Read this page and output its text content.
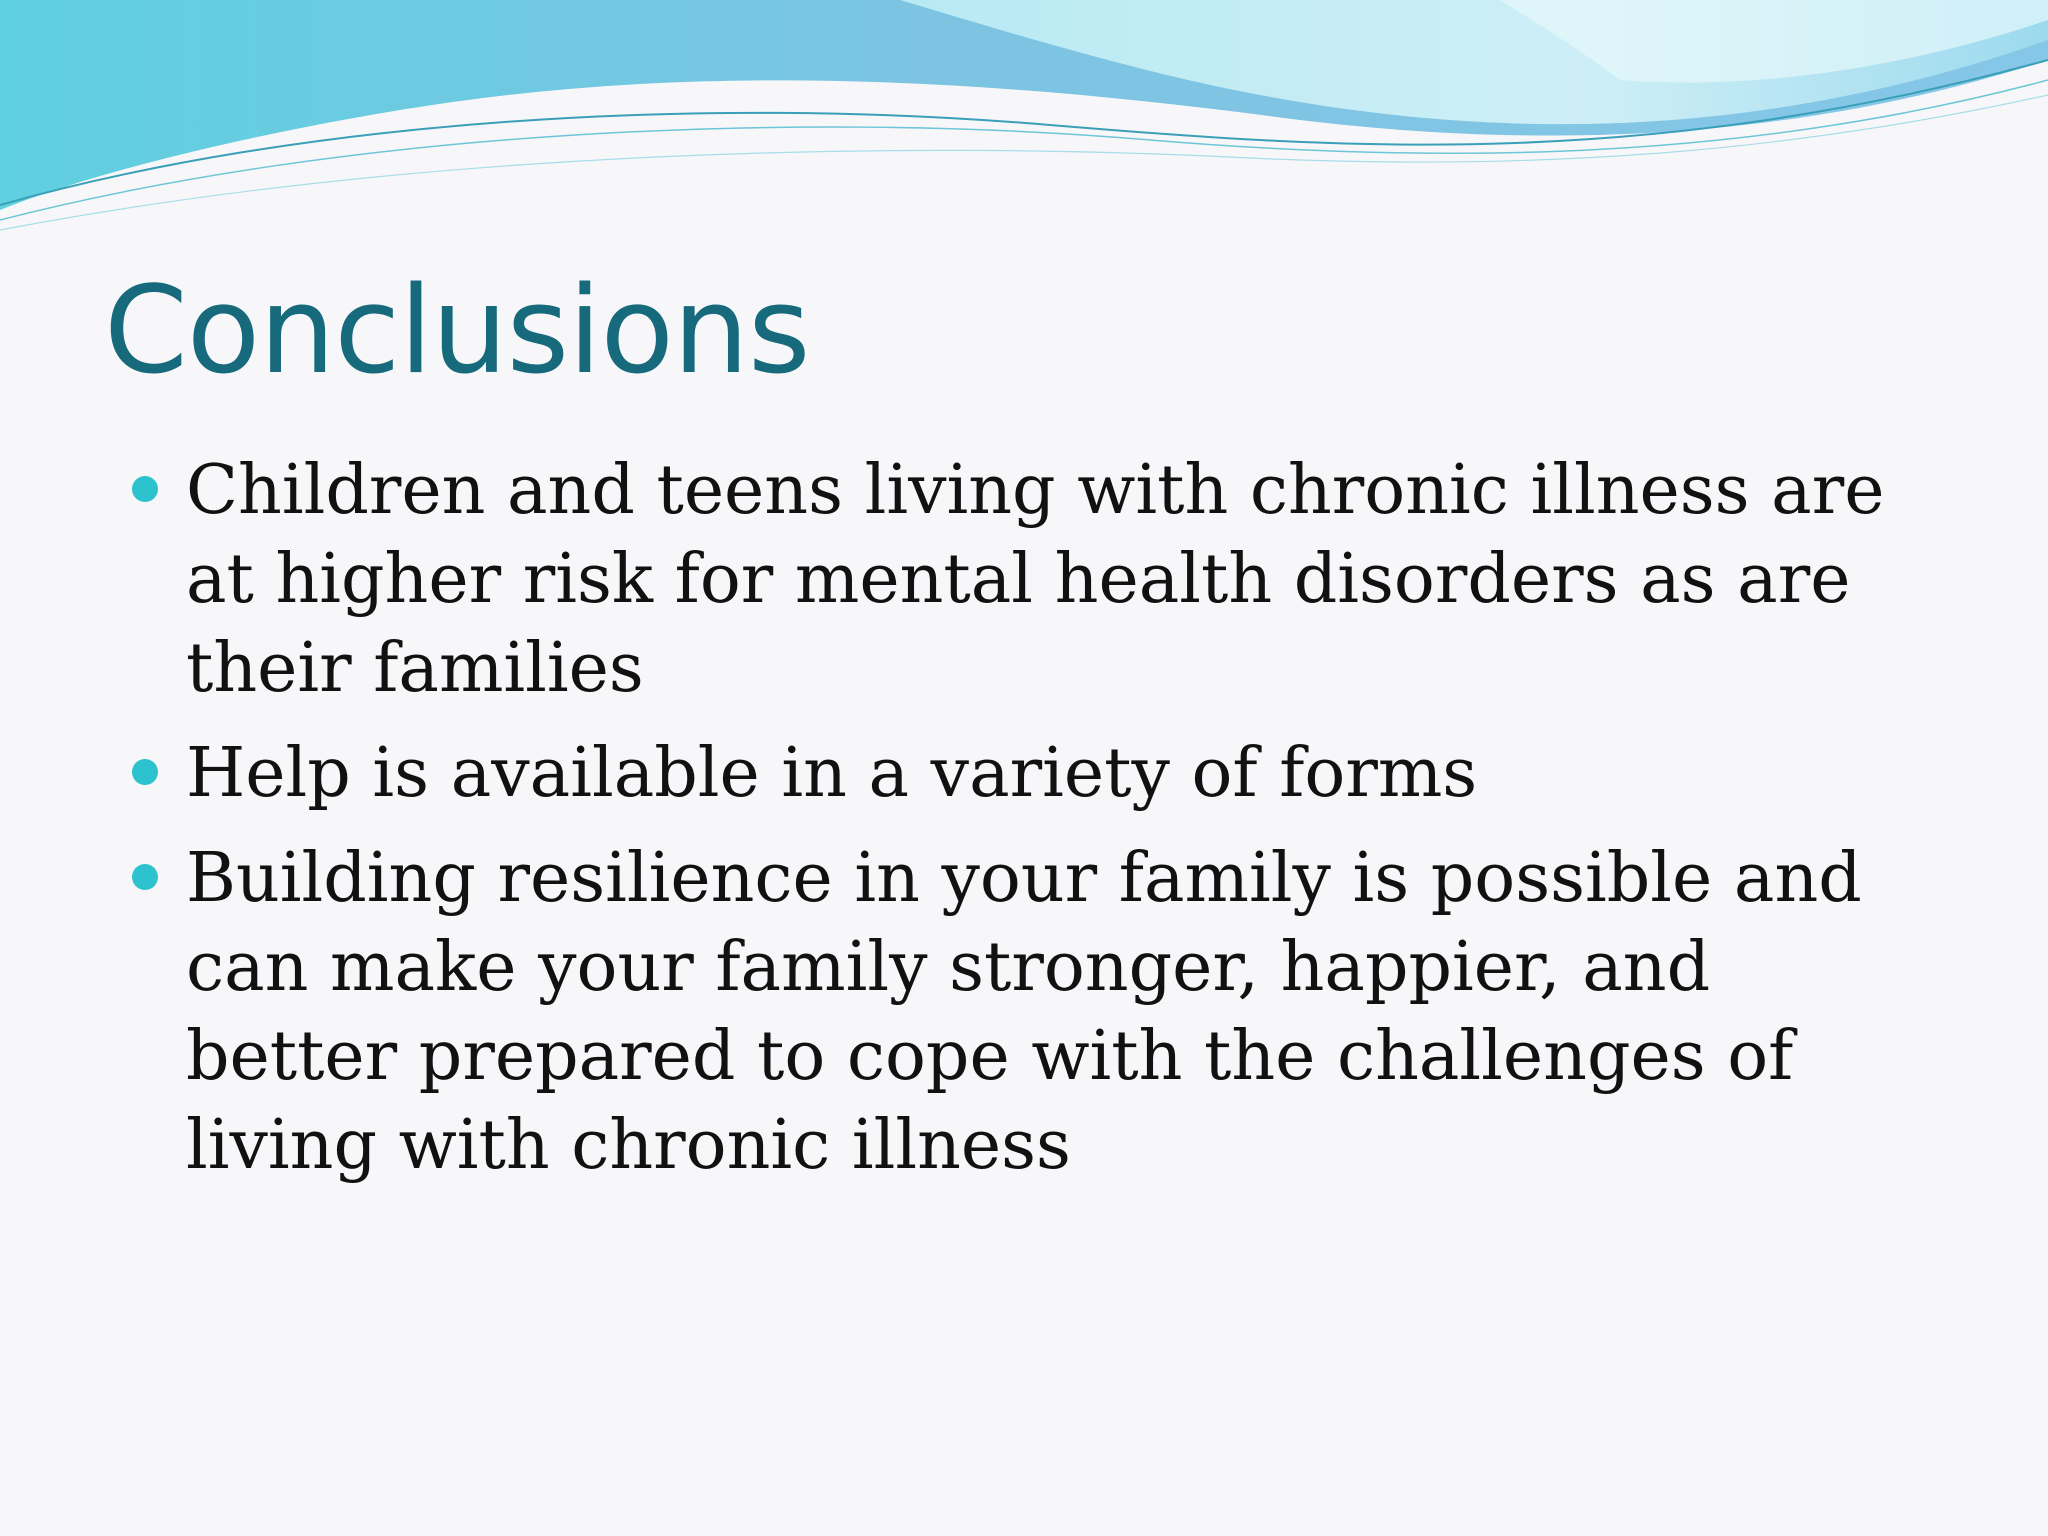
Conclusions
Children and teens living with chronic illness are at higher risk for mental health disorders as are their families
Help is available in a variety of forms
Building resilience in your family is possible and can make your family stronger, happier, and better prepared to cope with the challenges of living with chronic illness
